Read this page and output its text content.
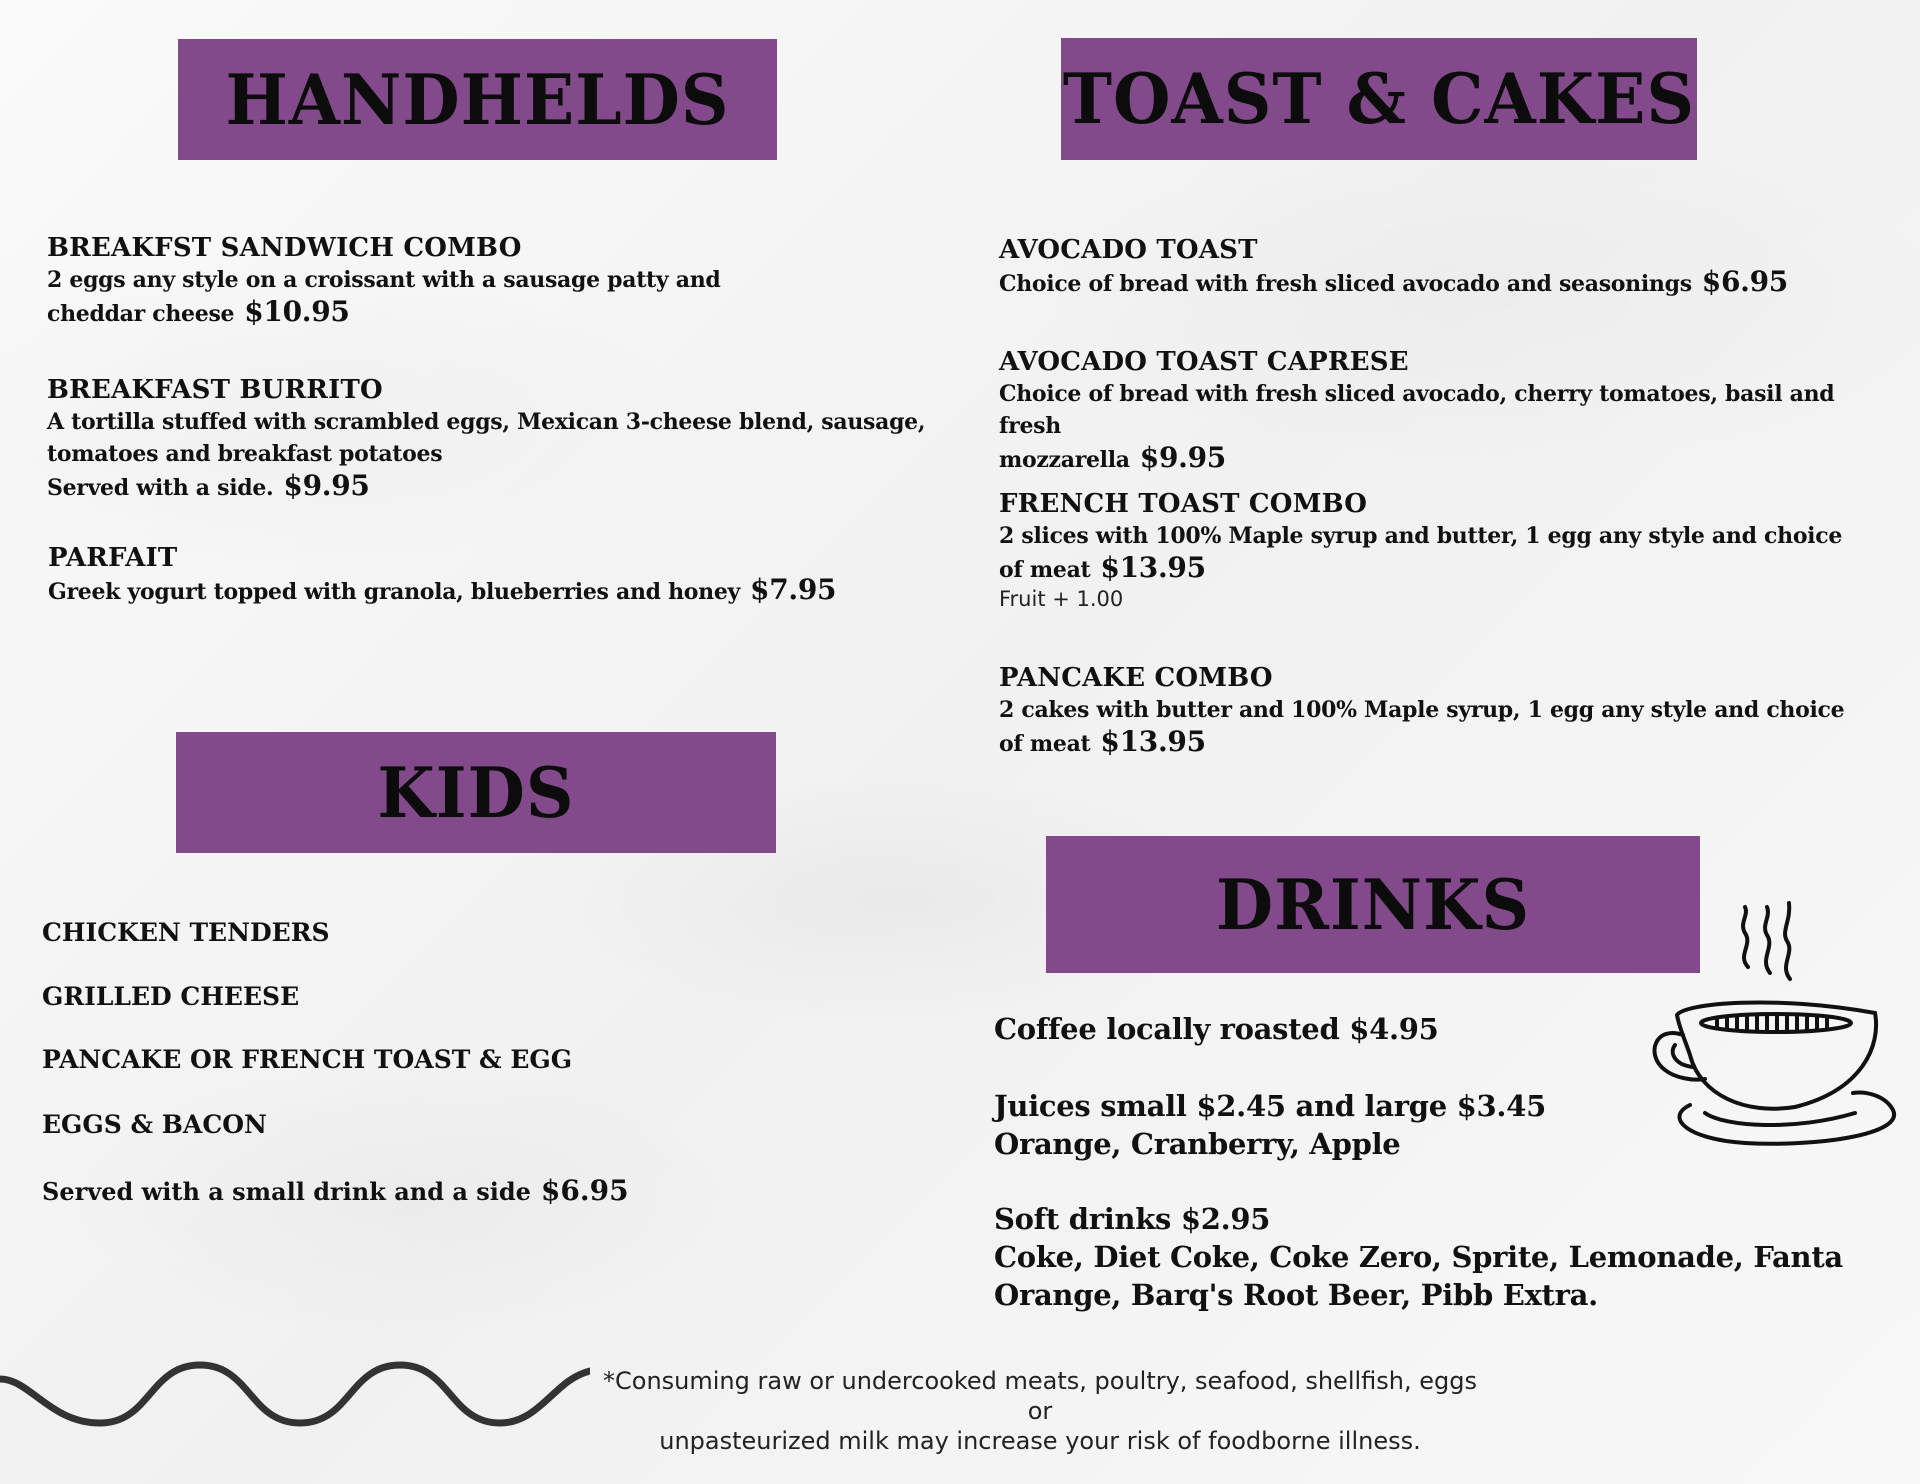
HANDHELDS	TOAST & CAKES
KIDS
DRINKS
BREAKFST SANDWICH COMBO
2 eggs any style on a croissant with a sausage patty and
cheddar cheese $10.95
BREAKFAST BURRITO
A tortilla stuffed with scrambled eggs, Mexican 3-cheese blend, sausage,
tomatoes and breakfast potatoes
Served with a side. $9.95
PARFAIT
Greek yogurt topped with granola, blueberries and honey $7.95
AVOCADO TOAST
Choice of bread with fresh sliced avocado and seasonings $6.95
AVOCADO TOAST CAPRESE
Choice of bread with fresh sliced avocado, cherry tomatoes, basil and fresh
mozzarella $9.95
FRENCH TOAST COMBO
2 slices with 100% Maple syrup and butter, 1 egg any style and choice
of meat $13.95
Fruit + 1.00
PANCAKE COMBO
2 cakes with butter and 100% Maple syrup, 1 egg any style and choice
of meat $13.95
CHICKEN TENDERS
GRILLED CHEESE
PANCAKE OR FRENCH TOAST & EGG
EGGS & BACON
Served with a small drink and a side $6.95
Coffee locally roasted $4.95
Juices small $2.45 and large $3.45
Orange, Cranberry, Apple
Soft drinks $2.95
Coke, Diet Coke, Coke Zero, Sprite, Lemonade, Fanta
Orange, Barq's Root Beer, Pibb Extra.
*Consuming raw or undercooked meats, poultry, seafood, shellfish, eggs or
unpasteurized milk may increase your risk of foodborne illness.
